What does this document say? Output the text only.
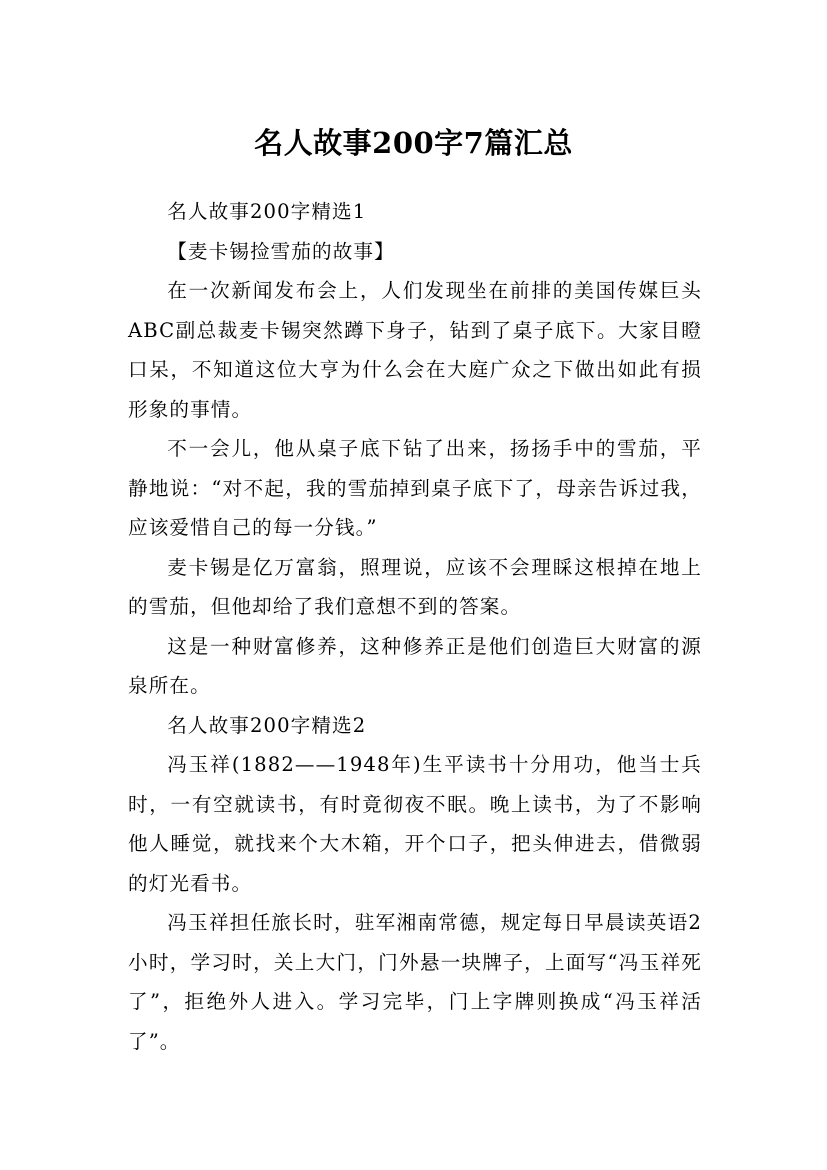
名人故事200字7篇汇总

名人故事200字精选1

【麦卡锡捡雪茄的故事】

在一次新闻发布会上，人们发现坐在前排的美国传媒巨头ABC副总裁麦卡锡突然蹲下身子，钻到了桌子底下。大家目瞪口呆，不知道这位大亨为什么会在大庭广众之下做出如此有损形象的事情。

不一会儿，他从桌子底下钻了出来，扬扬手中的雪茄，平静地说：“对不起，我的雪茄掉到桌子底下了，母亲告诉过我，应该爱惜自己的每一分钱。”

麦卡锡是亿万富翁，照理说，应该不会理睬这根掉在地上的雪茄，但他却给了我们意想不到的答案。

这是一种财富修养，这种修养正是他们创造巨大财富的源泉所在。

名人故事200字精选2

冯玉祥(1882——1948年)生平读书十分用功，他当士兵时，一有空就读书，有时竟彻夜不眠。晚上读书，为了不影响他人睡觉，就找来个大木箱，开个口子，把头伸进去，借微弱的灯光看书。

冯玉祥担任旅长时，驻军湘南常德，规定每日早晨读英语2小时，学习时，关上大门，门外悬一块牌子，上面写“冯玉祥死了”，拒绝外人进入。学习完毕，门上字牌则换成“冯玉祥活了”。
